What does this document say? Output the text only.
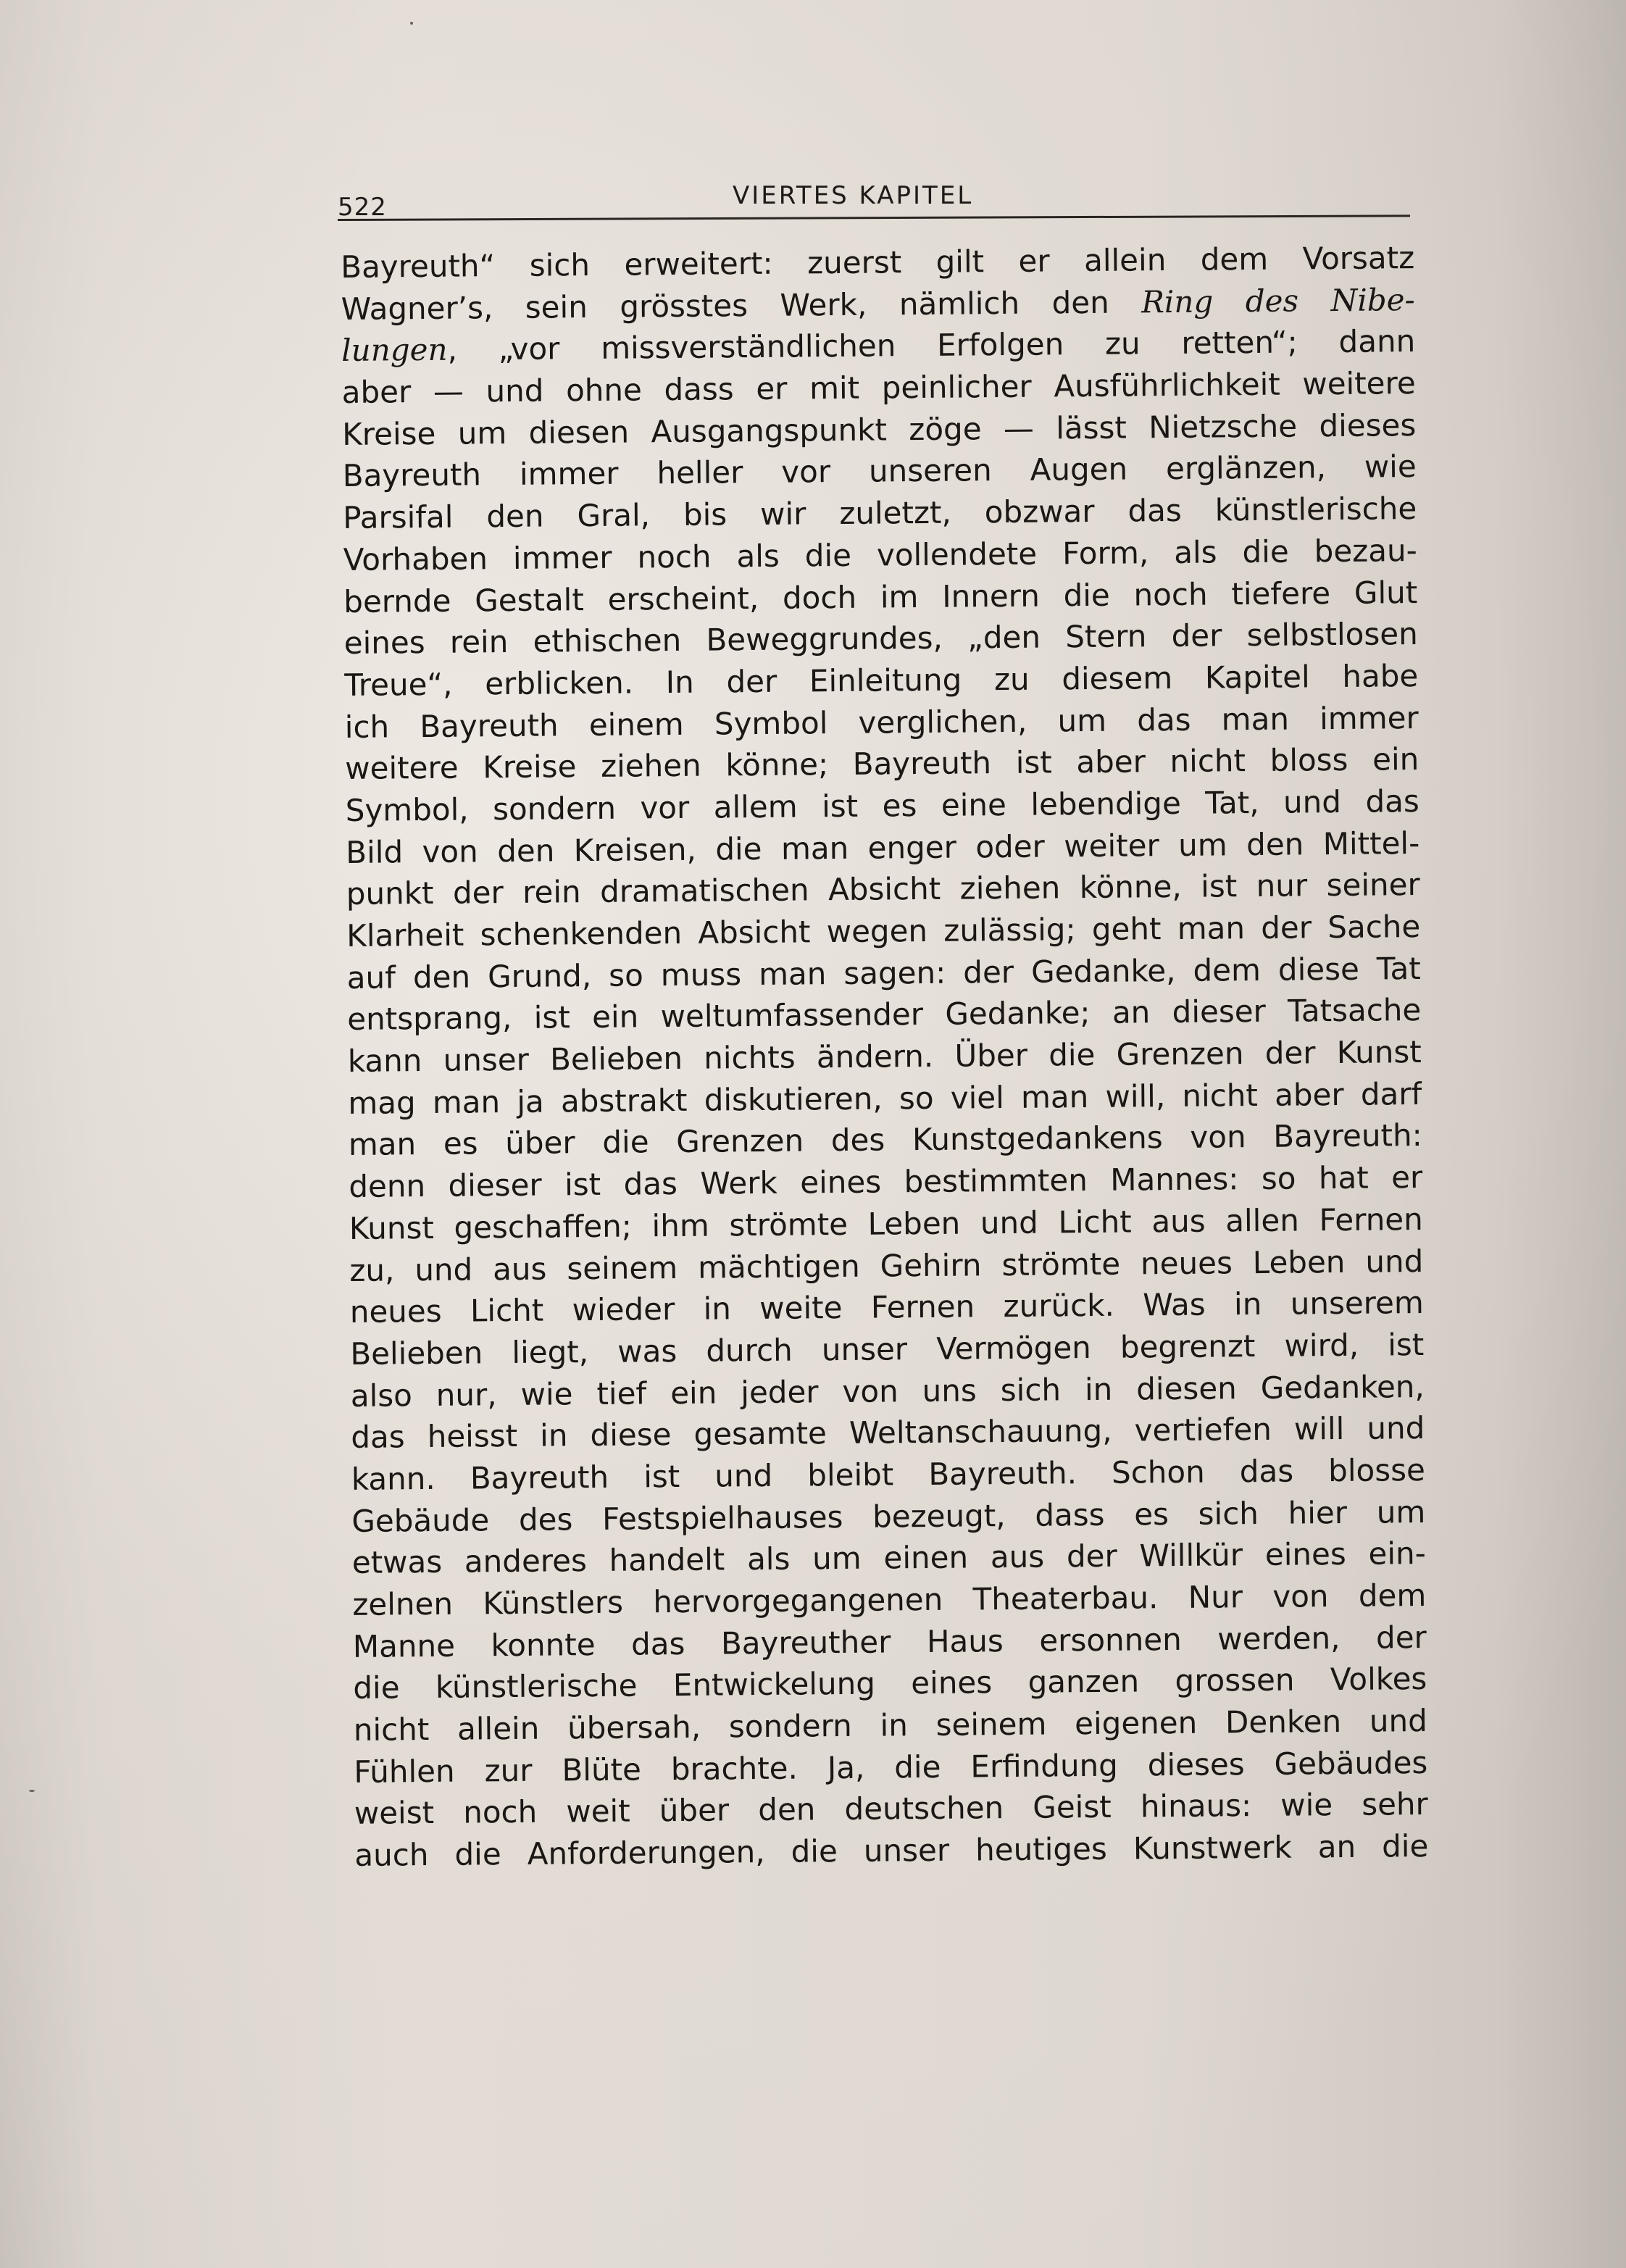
522	VIERTES KAPITEL
Bayreuth“ sich erweitert: zuerst gilt er allein dem Vorsatz
Wagner’s, sein grösstes Werk, nämlich den Ring des Nibe-
lungen, „vor missverständlichen Erfolgen zu retten“; dann
aber — und ohne dass er mit peinlicher Ausführlichkeit weitere
Kreise um diesen Ausgangspunkt zöge — lässt Nietzsche dieses
Bayreuth immer heller vor unseren Augen erglänzen, wie
Parsifal den Gral, bis wir zuletzt, obzwar das künstlerische
Vorhaben immer noch als die vollendete Form, als die bezau-
bernde Gestalt erscheint, doch im Innern die noch tiefere Glut
eines rein ethischen Beweggrundes, „den Stern der selbstlosen
Treue“, erblicken. In der Einleitung zu diesem Kapitel habe
ich Bayreuth einem Symbol verglichen, um das man immer
weitere Kreise ziehen könne; Bayreuth ist aber nicht bloss ein
Symbol, sondern vor allem ist es eine lebendige Tat, und das
Bild von den Kreisen, die man enger oder weiter um den Mittel-
punkt der rein dramatischen Absicht ziehen könne, ist nur seiner
Klarheit schenkenden Absicht wegen zulässig; geht man der Sache
auf den Grund, so muss man sagen: der Gedanke, dem diese Tat
entsprang, ist ein weltumfassender Gedanke; an dieser Tatsache
kann unser Belieben nichts ändern. Über die Grenzen der Kunst
mag man ja abstrakt diskutieren, so viel man will, nicht aber darf
man es über die Grenzen des Kunstgedankens von Bayreuth:
denn dieser ist das Werk eines bestimmten Mannes: so hat er
Kunst geschaffen; ihm strömte Leben und Licht aus allen Fernen
zu, und aus seinem mächtigen Gehirn strömte neues Leben und
neues Licht wieder in weite Fernen zurück. Was in unserem
Belieben liegt, was durch unser Vermögen begrenzt wird, ist
also nur, wie tief ein jeder von uns sich in diesen Gedanken,
das heisst in diese gesamte Weltanschauung, vertiefen will und
kann. Bayreuth ist und bleibt Bayreuth. Schon das blosse
Gebäude des Festspielhauses bezeugt, dass es sich hier um
etwas anderes handelt als um einen aus der Willkür eines ein-
zelnen Künstlers hervorgegangenen Theaterbau. Nur von dem
Manne konnte das Bayreuther Haus ersonnen werden, der
die künstlerische Entwickelung eines ganzen grossen Volkes
nicht allein übersah, sondern in seinem eigenen Denken und
Fühlen zur Blüte brachte. Ja, die Erfindung dieses Gebäudes
weist noch weit über den deutschen Geist hinaus: wie sehr
auch die Anforderungen, die unser heutiges Kunstwerk an die
